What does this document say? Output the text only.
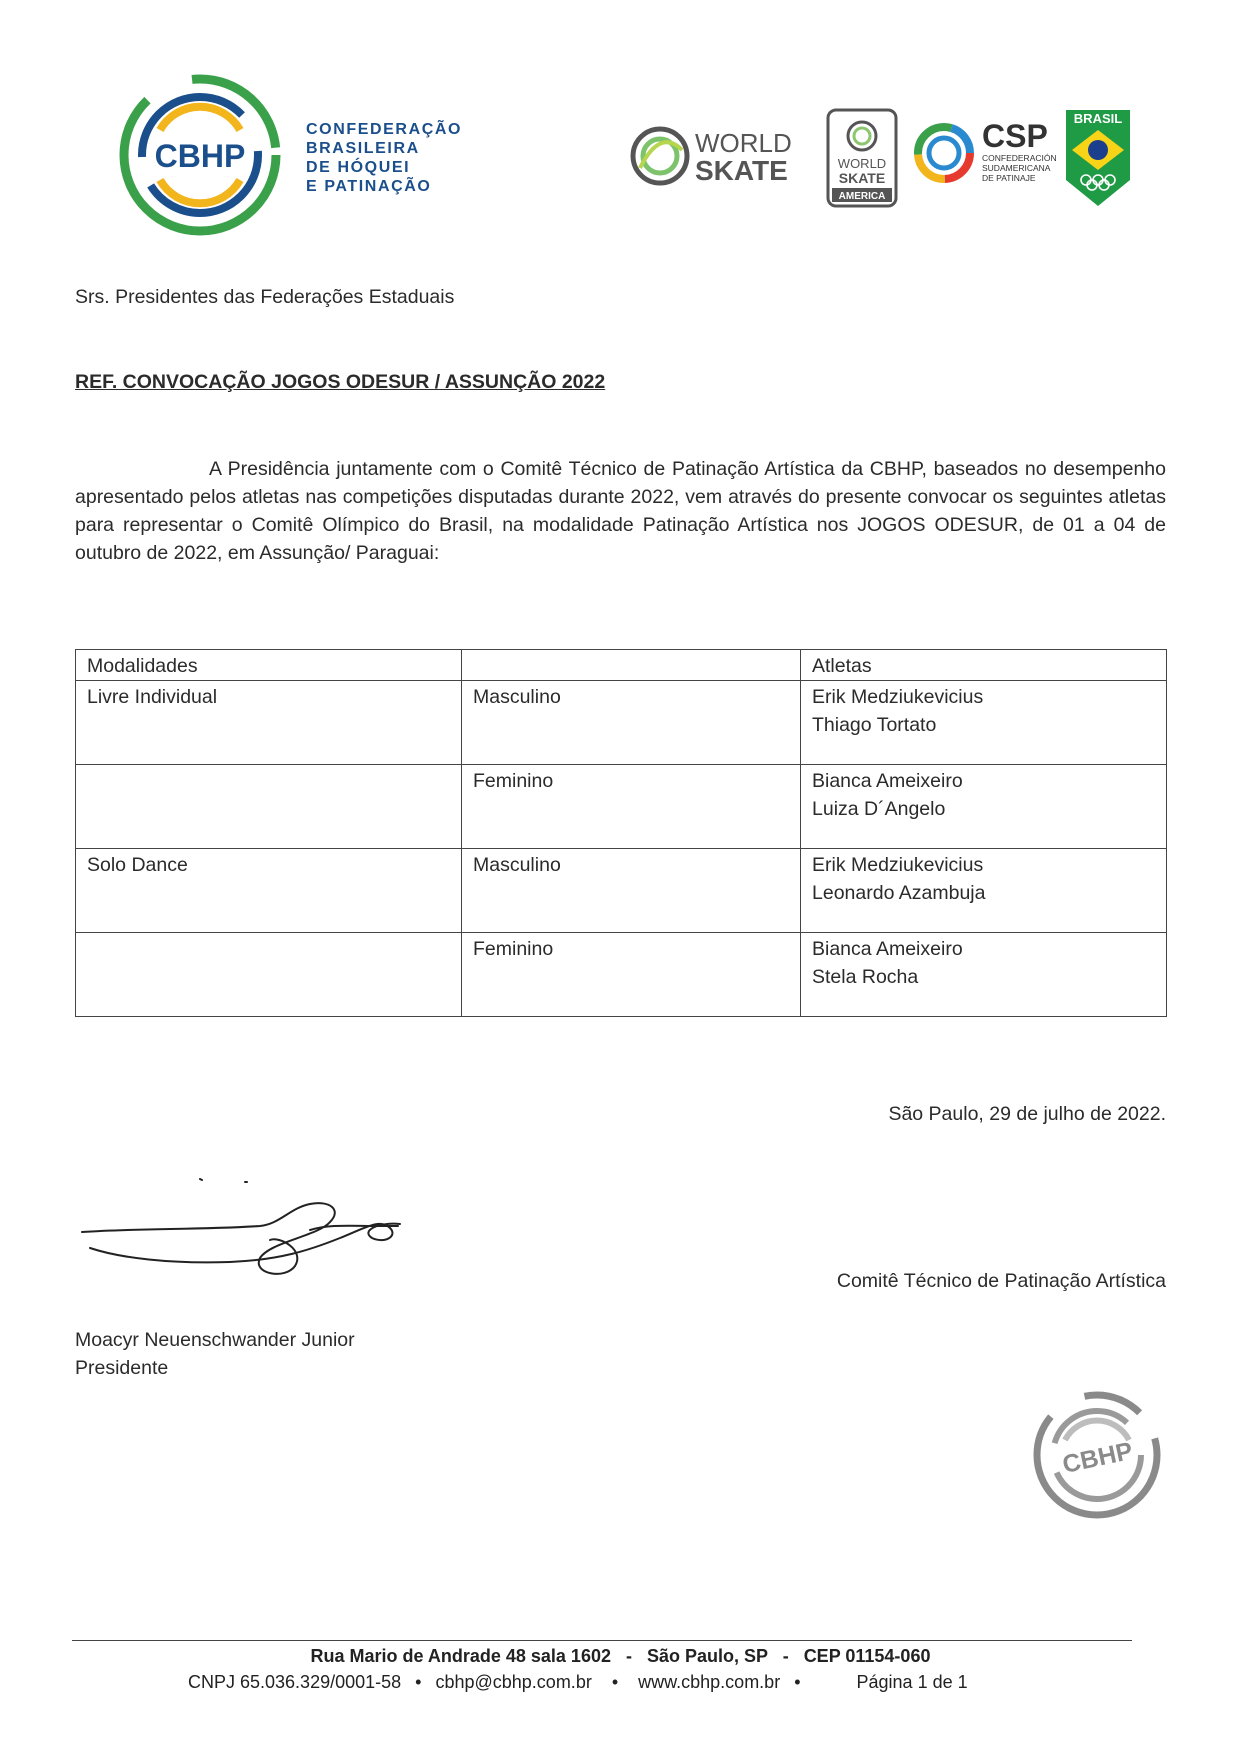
CBHP
CONFEDERAÇÃO
BRASILEIRA
DE HÓQUEI
E PATINAÇÃO
WORLD
SKATE	WORLD
SKATE
AMERICA
CSP
CONFEDERACIÓN
SUDAMERICANA
DE PATINAJE
BRASIL
Srs. Presidentes das Federações Estaduais
REF. CONVOCAÇÃO JOGOS ODESUR / ASSUNÇÃO 2022
A Presidência juntamente com o Comitê Técnico de Patinação Artística da CBHP, baseados no desempenho apresentado pelos atletas nas competições disputadas durante 2022, vem através do presente convocar os seguintes atletas para representar o Comitê Olímpico do Brasil, na modalidade Patinação Artística nos JOGOS ODESUR, de 01 a 04 de outubro de 2022, em Assunção/ Paraguai:
Modalidades		Atletas
Livre Individual	Masculino	Erik Medziukevicius
Thiago Tortato

	Feminino	Bianca Ameixeiro
Luiza D´Angelo

Solo Dance	Masculino	Erik Medziukevicius
Leonardo Azambuja

	Feminino	Bianca Ameixeiro
Stela Rocha
São Paulo, 29 de julho de 2022.
Comitê Técnico de Patinação Artística
Moacyr Neuenschwander Junior
Presidente
CBHP
Rua Mario de Andrade 48 sala 1602   -   São Paulo, SP   -   CEP 01154-060
CNPJ 65.036.329/0001-58 • cbhp@cbhp.com.br • www.cbhp.com.br •	Página 1 de 1
